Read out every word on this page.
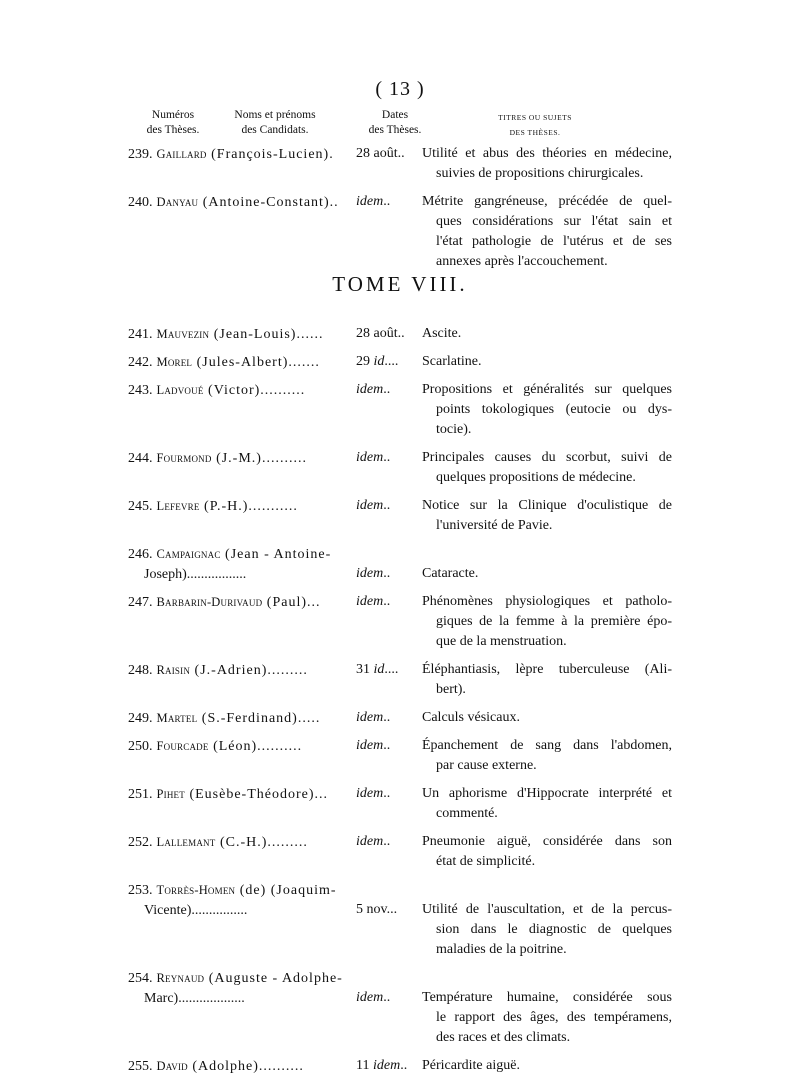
( 13 )
Numéros
des Thèses.
Noms et prénoms
des Candidats.
Dates
des Thèses.
TITRES OU SUJETS
DES THÈSES.
239. Gaillard (François-Lucien).	28 août..	Utilité et abus des théories en médecine,
suivies de propositions chirurgicales.
240. Danyau (Antoine-Constant)..	idem..	Métrite gangréneuse, précédée de quel-
ques considérations sur l'état sain et
l'état pathologie de l'utérus et de ses
annexes après l'accouchement.
TOME VIII.
241. Mauvezin (Jean-Louis)......	28 août..	Ascite.
242. Morel (Jules-Albert).......	29 id....	Scarlatine.
243. Ladvoué (Victor)..........	idem..	Propositions et généralités sur quelques
points tokologiques (eutocie ou dys-
tocie).
244. Fourmond (J.-M.)..........	idem..	Principales causes du scorbut, suivi de
quelques propositions de médecine.
245. Lefevre (P.-H.)...........	idem..	Notice sur la Clinique d'oculistique de
l'université de Pavie.
246. Campaignac (Jean - Antoine-
Joseph).................	idem..	Cataracte.
247. Barbarin-Durivaud (Paul)...	idem..	Phénomènes physiologiques et patholo-
giques de la femme à la première épo-
que de la menstruation.
248. Raisin (J.-Adrien).........	31 id....	Éléphantiasis, lèpre tuberculeuse (Ali-
bert).
249. Martel (S.-Ferdinand).....	idem..	Calculs vésicaux.
250. Fourcade (Léon)..........	idem..	Épanchement de sang dans l'abdomen,
par cause externe.
251. Pihet (Eusèbe-Théodore)...	idem..	Un aphorisme d'Hippocrate interprété et
commenté.
252. Lallemant (C.-H.).........	idem..	Pneumonie aiguë, considérée dans son
état de simplicité.
253. Torrès-Homen (de) (Joaquim-
Vicente)................	5 nov...	Utilité de l'auscultation, et de la percus-
sion dans le diagnostic de quelques
maladies de la poitrine.
254. Reynaud (Auguste - Adolphe-
Marc)...................	idem..	Température humaine, considérée sous
le rapport des âges, des tempéramens,
des races et des climats.
255. David (Adolphe)..........	11 idem..	Péricardite aiguë.
